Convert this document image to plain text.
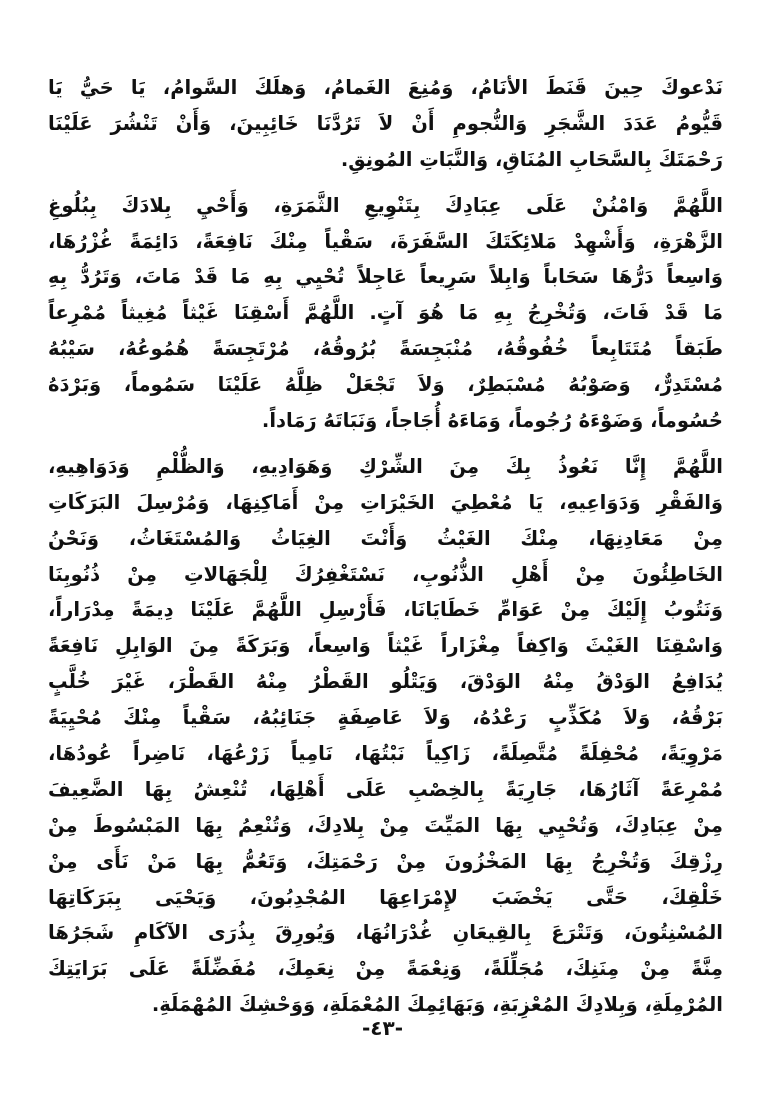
نَدْعوكَ حِينَ قَنَطَ الأنَامُ، وَمُنِعَ الغَمامُ، وَهلَكَ السَّوامُ، يَا حَيُّ يَا
قَيُّومُ عَدَدَ الشَّجَرِ وَالنُّجومِ أَنْ لاَ تَرُدَّنَا خَائِبِينَ، وَأَنْ تَنْشُرَ عَلَيْنَا
رَحْمَتَكَ بِالسَّحَابِ المُنَاقِ، وَالنَّبَاتِ المُونِقِ.
اللَّهُمَّ وَامْنُنْ عَلَى عِبَادِكَ بِتَنْوِيعِ الثَّمَرَةِ، وَأَحْيِ بِلادَكَ بِبُلُوغِ
الزَّهْرَةِ، وَأَشْهِدْ مَلائِكَتَكَ السَّفَرَةَ، سَقْياً مِنْكَ نَافِعَةً، دَائِمَةً غُزْرُهَا،
وَاسِعاً دَرُّهَا سَحَاباً وَابِلاً سَرِيعاً عَاجِلاً تُحْيِي بِهِ مَا قَدْ مَاتَ، وَتَرُدُّ بِهِ
مَا قَدْ فَاتَ، وَتُخْرِجُ بِهِ مَا هُوَ آتٍ. اللَّهُمَّ أَسْقِنَا غَيْثاً مُغِيثاً مُمْرِعاً
طَبَقاً مُتَتَابِعاً خُفُوقُهُ، مُنْبَجِسَةً بُرُوقُهُ، مُرْتَجِسَةً هُمُوعُهُ، سَيْبُهُ
مُسْتَدِرٌّ، وَصَوْبُهُ مُسْبَطِرٌ، وَلاَ تَجْعَلْ ظِلَّهُ عَلَيْنَا سَمُوماً، وَبَرْدَهُ
حُسُوماً، وَضَوْءَهُ رُجُوماً، وَمَاءَهُ أُجَاجاً، وَنَبَاتَهُ رَمَاداً.
اللَّهُمَّ إِنَّا نَعُوذُ بِكَ مِنَ الشِّرْكِ وَهَوَادِيهِ، وَالظُّلْمِ وَدَوَاهِيهِ،
وَالفَقْرِ وَدَوَاعِيهِ، يَا مُعْطِيَ الخَيْرَاتِ مِنْ أَمَاكِنِهَا، وَمُرْسِلَ البَرَكَاتِ
مِنْ مَعَادِنِهَا، مِنْكَ الغَيْثُ وَأَنْتَ الغِيَاثُ وَالمُسْتَغَاثُ، وَنَحْنُ
الخَاطِئُونَ مِنْ أَهْلِ الذُّنُوبِ، نَسْتَغْفِرُكَ لِلْجَهَالاتِ مِنْ ذُنُوبِنَا
وَنَتُوبُ إِلَيْكَ مِنْ عَوَامِّ خَطَايَانَا، فَأَرْسِلِ اللَّهُمَّ عَلَيْنَا دِيمَةً مِدْرَاراً،
وَاسْقِنَا الغَيْثَ وَاكِفاً مِغْزَاراً غَيْثاً وَاسِعاً، وَبَرَكَةً مِنَ الوَابِلِ نَافِعَةً
يُدَافِعُ الوَدْقُ مِنْهُ الوَدْقَ، وَيَتْلُو القَطْرُ مِنْهُ القَطْرَ، غَيْرَ خُلَّبٍ
بَرْقُهُ، وَلاَ مُكَذِّبٍ رَعْدُهُ، وَلاَ عَاصِفَةٍ جَنَائِبُهُ، سَقْياً مِنْكَ مُحْيِيَةً
مَرْوِيَةً، مُحْفِلَةً مُتَّصِلَةً، زَاكِياً نَبْتُهَا، نَامِياً زَرْعُهَا، نَاضِراً عُودُهَا،
مُمْرِعَةً آثَارُهَا، جَارِيَةً بِالخِصْبِ عَلَى أَهْلِهَا، تُنْعِشُ بِهَا الضَّعِيفَ
مِنْ عِبَادِكَ، وَتُحْيِي بِهَا المَيِّتَ مِنْ بِلادِكَ، وَتُنْعِمُ بِهَا المَبْسُوطَ مِنْ
رِزْقِكَ وَتُخْرِجُ بِهَا المَخْزُونَ مِنْ رَحْمَتِكَ، وَتَعُمُّ بِهَا مَنْ نَأَى مِنْ
خَلْقِكَ، حَتَّى يَخْضَبَ لإِمْرَاعِهَا المُجْدِبُونَ، وَيَحْيَى بِبَرَكَاتِهَا
المُسْنِتُونَ، وَتَتْرَعَ بِالقِيعَانِ غُدْرَانُهَا، وَيُورِقَ بِذُرَى الآكَامِ شَجَرُهَا
مِنَّةً مِنْ مِنَنِكَ، مُجَلِّلَةً، وَنِعْمَةً مِنْ نِعَمِكَ، مُفَضِّلَةً عَلَى بَرَايَتِكَ
المُرْمِلَةِ، وَبِلادِكَ المُعْزِبَةِ، وَبَهَائِمِكَ المُعْمَلَةِ، وَوَحْشِكَ المُهْمَلَةِ.
-٤٣-
